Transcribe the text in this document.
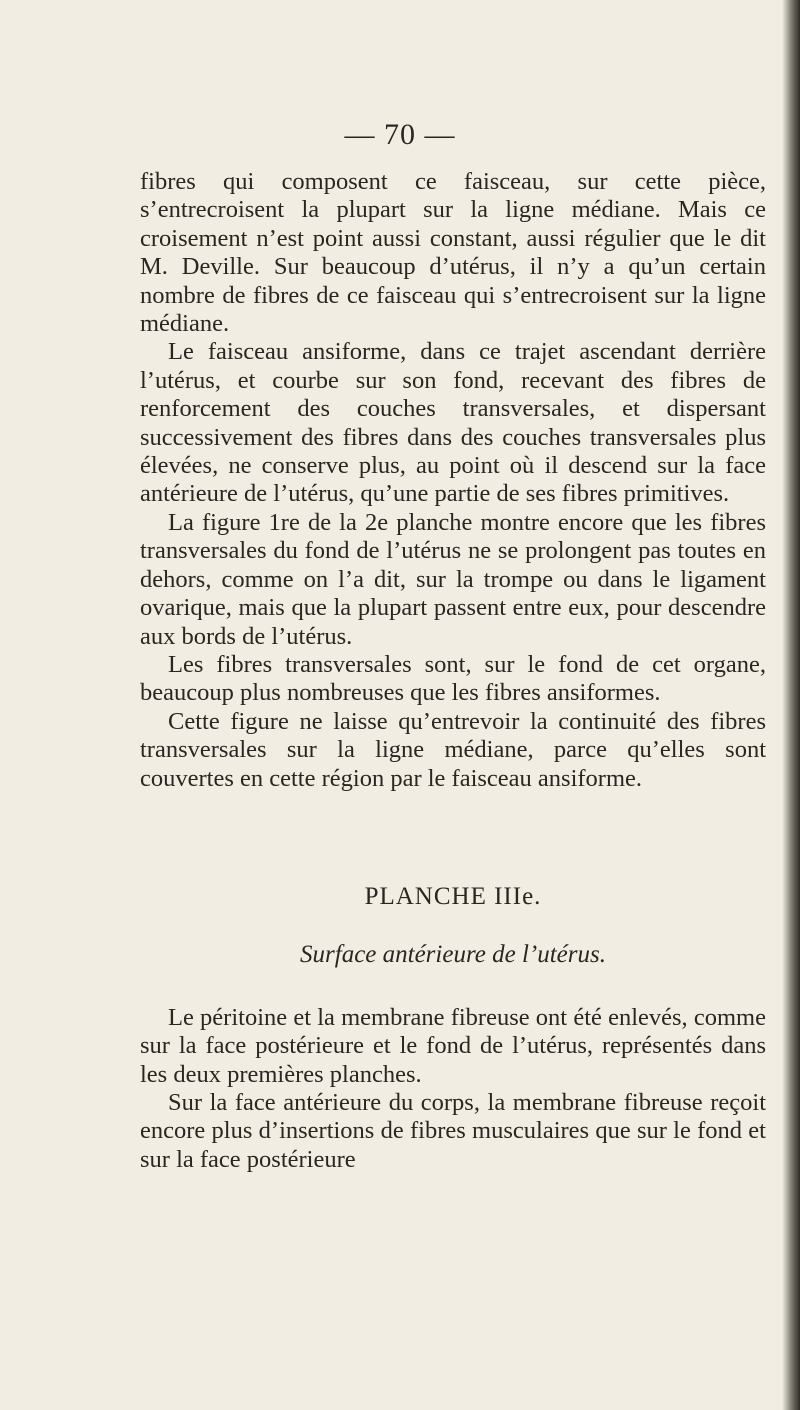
— 70 —

fibres qui composent ce faisceau, sur cette pièce, s’entrecroisent la plupart sur la ligne médiane. Mais ce croisement n’est point aussi constant, aussi régulier que le dit M. Deville. Sur beaucoup d’utérus, il n’y a qu’un certain nombre de fibres de ce faisceau qui s’entrecroisent sur la ligne médiane.

Le faisceau ansiforme, dans ce trajet ascendant derrière l’utérus, et courbe sur son fond, recevant des fibres de renforcement des couches transversales, et dispersant successivement des fibres dans des couches transversales plus élevées, ne conserve plus, au point où il descend sur la face antérieure de l’utérus, qu’une partie de ses fibres primitives.

La figure 1re de la 2e planche montre encore que les fibres transversales du fond de l’utérus ne se prolongent pas toutes en dehors, comme on l’a dit, sur la trompe ou dans le ligament ovarique, mais que la plupart passent entre eux, pour descendre aux bords de l’utérus.

Les fibres transversales sont, sur le fond de cet organe, beaucoup plus nombreuses que les fibres ansiformes.

Cette figure ne laisse qu’entrevoir la continuité des fibres transversales sur la ligne médiane, parce qu’elles sont couvertes en cette région par le faisceau ansiforme.

PLANCHE IIIe.
Surface antérieure de l’utérus.

Le péritoine et la membrane fibreuse ont été enlevés, comme sur la face postérieure et le fond de l’utérus, représentés dans les deux premières planches.

Sur la face antérieure du corps, la membrane fibreuse reçoit encore plus d’insertions de fibres musculaires que sur le fond et sur la face postérieure
